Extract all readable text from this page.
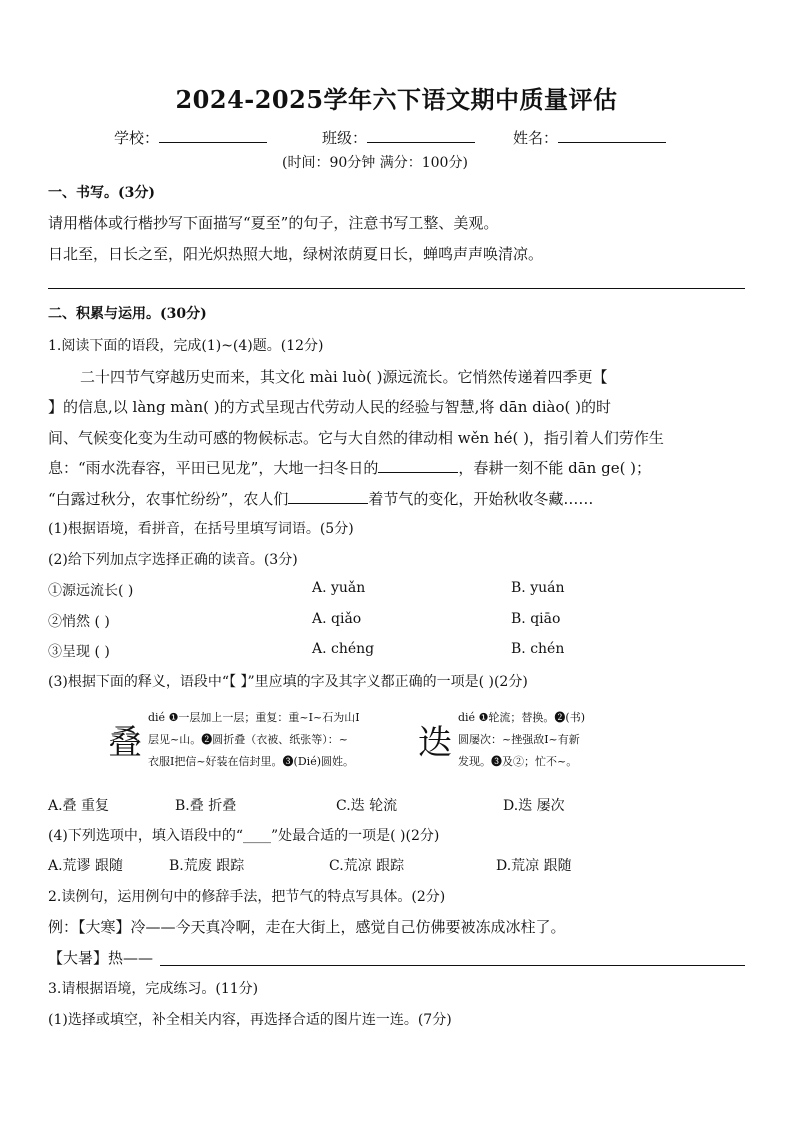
2024-2025学年六下语文期中质量评估
学校：	班级：	姓名：
(时间：90分钟 满分：100分)
一、书写。(3分)
请用楷体或行楷抄写下面描写“夏至”的句子，注意书写工整、美观。
日北至，日长之至，阳光炽热照大地，绿树浓荫夏日长，蝉鸣声声唤清凉。
二、积累与运用。(30分)
1.阅读下面的语段，完成(1)~(4)题。(12分)
二十四节气穿越历史而来，其文化 mài luò( )源远流长。它悄然传递着四季更【
】的信息,以 làng màn( )的方式呈现古代劳动人民的经验与智慧,将 dān diào( )的时
间、气候变化变为生动可感的物候标志。它与大自然的律动相 wěn hé( )，指引着人们劳作生
息：“雨水洗春容，平田已见龙”，大地一扫冬日的	，春耕一刻不能 dān ge( )；
“白露过秋分，农事忙纷纷”，农人们	着节气的变化，开始秋收冬藏……
(1)根据语境，看拼音，在括号里填写词语。(5分)
(2)给下列加点字选择正确的读音。(3分)
①源远流长( )	A. yuǎn	B. yuán
②悄然 ( )	A. qiǎo	B. qiāo
③呈现 ( )	A. chéng	B. chén
(3)根据下面的释义，语段中“【 】”里应填的字及其字义都正确的一项是( )(2分)
叠
dié ❶一层加上一层；重复：重~I~石为山I
层见~山。❷圆折叠（衣被、纸张等）：~
衣服I把信~好装在信封里。❸(Dié)圆姓。 迭
dié ❶轮流；替换。❷(书)
圆屡次：~挫强敌I~有新
发现。❸及②；忙不~。
A.叠 重复	B.叠 折叠	C.迭 轮流	D.迭 屡次
(4)下列选项中，填入语段中的“____”处最合适的一项是( )(2分)
A.荒谬 跟随	B.荒废 跟踪	C.荒凉 跟踪	D.荒凉 跟随
2.读例句，运用例句中的修辞手法，把节气的特点写具体。(2分)
例：【大寒】冷——今天真冷啊，走在大街上，感觉自己仿佛要被冻成冰柱了。
【大暑】热——
3.请根据语境，完成练习。(11分)
(1)选择或填空，补全相关内容，再选择合适的图片连一连。(7分)
